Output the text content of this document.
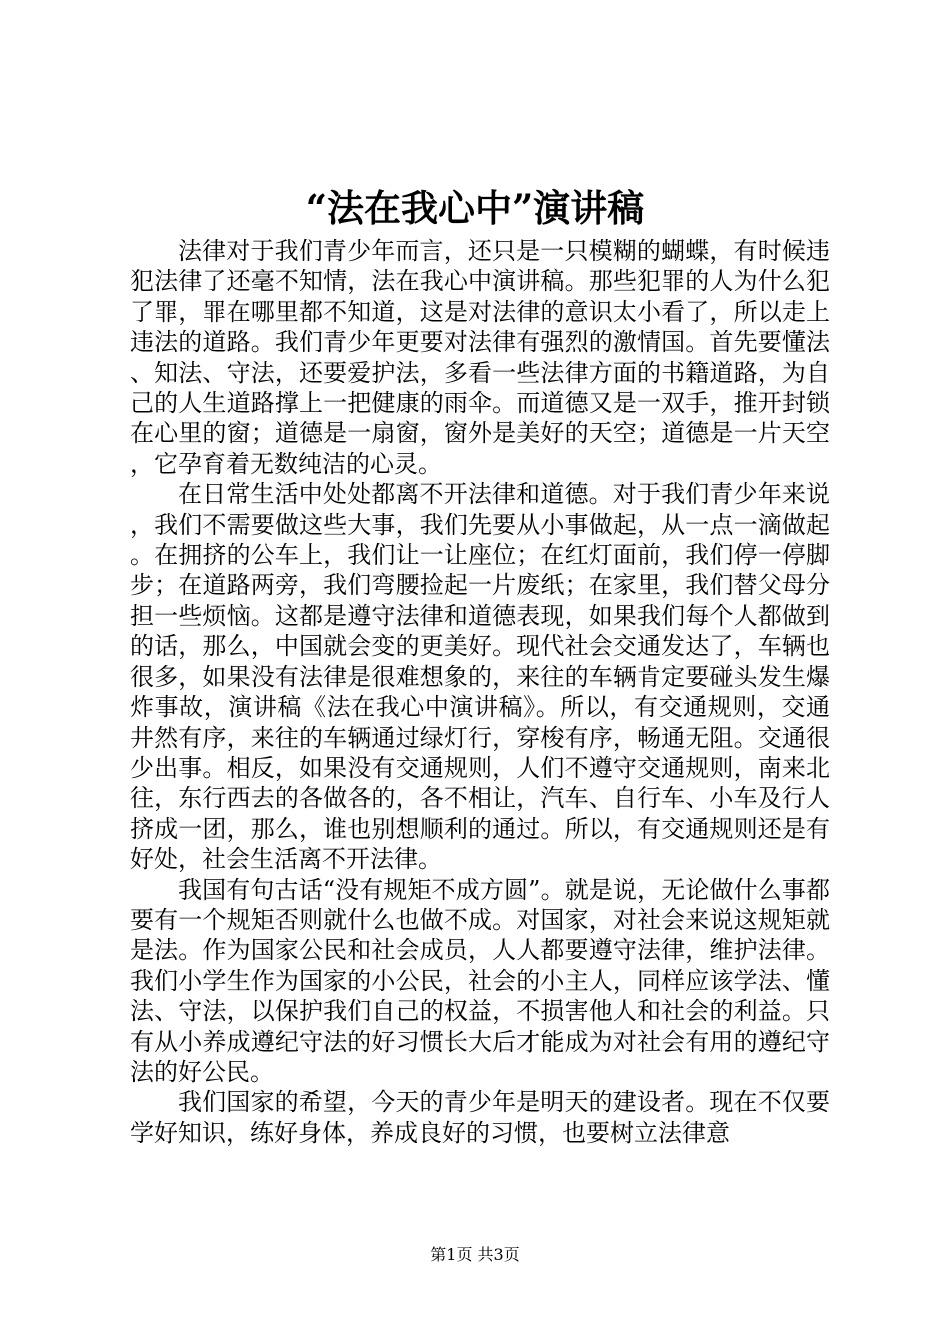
“法在我心中”演讲稿

法律对于我们青少年而言，还只是一只模糊的蝴蝶，有时候违犯法律了还毫不知情，法在我心中演讲稿。那些犯罪的人为什么犯了罪，罪在哪里都不知道，这是对法律的意识太小看了，所以走上违法的道路。我们青少年更要对法律有强烈的激情国。首先要懂法、知法、守法，还要爱护法，多看一些法律方面的书籍道路，为自己的人生道路撑上一把健康的雨伞。而道德又是一双手，推开封锁在心里的窗；道德是一扇窗，窗外是美好的天空；道德是一片天空，它孕育着无数纯洁的心灵。

在日常生活中处处都离不开法律和道德。对于我们青少年来说，我们不需要做这些大事，我们先要从小事做起，从一点一滴做起。在拥挤的公车上，我们让一让座位；在红灯面前，我们停一停脚步；在道路两旁，我们弯腰捡起一片废纸；在家里，我们替父母分担一些烦恼。这都是遵守法律和道德表现，如果我们每个人都做到的话，那么，中国就会变的更美好。现代社会交通发达了，车辆也很多，如果没有法律是很难想象的，来往的车辆肯定要碰头发生爆炸事故，演讲稿《法在我心中演讲稿》。所以，有交通规则，交通井然有序，来往的车辆通过绿灯行，穿梭有序，畅通无阻。交通很少出事。相反，如果没有交通规则，人们不遵守交通规则，南来北往，东行西去的各做各的，各不相让，汽车、自行车、小车及行人挤成一团，那么，谁也别想顺利的通过。所以，有交通规则还是有好处，社会生活离不开法律。

我国有句古话“没有规矩不成方圆”。就是说，无论做什么事都要有一个规矩否则就什么也做不成。对国家，对社会来说这规矩就是法。作为国家公民和社会成员，人人都要遵守法律，维护法律。我们小学生作为国家的小公民，社会的小主人，同样应该学法、懂法、守法，以保护我们自己的权益，不损害他人和社会的利益。只有从小养成遵纪守法的好习惯长大后才能成为对社会有用的遵纪守法的好公民。

我们国家的希望，今天的青少年是明天的建设者。现在不仅要学好知识，练好身体，养成良好的习惯，也要树立法律意

第1页 共3页
